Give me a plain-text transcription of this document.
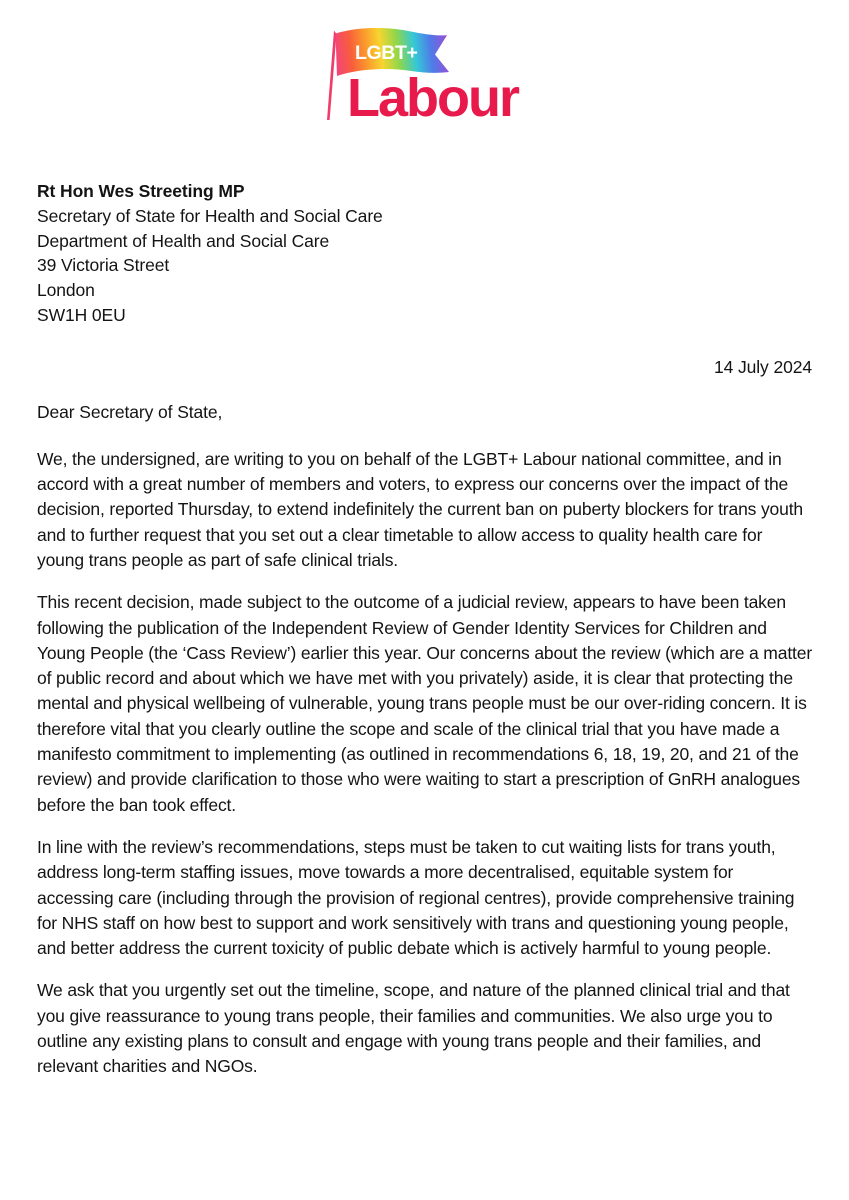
LGBT+
Labour
Rt Hon Wes Streeting MP
Secretary of State for Health and Social Care
Department of Health and Social Care
39 Victoria Street
London
SW1H 0EU
14 July 2024
Dear Secretary of State,

We, the undersigned, are writing to you on behalf of the LGBT+ Labour national committee, and in accord with a great number of members and voters, to express our concerns over the impact of the decision, reported Thursday, to extend indefinitely the current ban on puberty blockers for trans youth and to further request that you set out a clear timetable to allow access to quality health care for young trans people as part of safe clinical trials.

This recent decision, made subject to the outcome of a judicial review, appears to have been taken following the publication of the Independent Review of Gender Identity Services for Children and Young People (the ‘Cass Review’) earlier this year. Our concerns about the review (which are a matter of public record and about which we have met with you privately) aside, it is clear that protecting the mental and physical wellbeing of vulnerable, young trans people must be our over-riding concern. It is therefore vital that you clearly outline the scope and scale of the clinical trial that you have made a manifesto commitment to implementing (as outlined in recommendations 6, 18, 19, 20, and 21 of the review) and provide clarification to those who were waiting to start a prescription of GnRH analogues before the ban took effect.

In line with the review’s recommendations, steps must be taken to cut waiting lists for trans youth, address long-term staffing issues, move towards a more decentralised, equitable system for accessing care (including through the provision of regional centres), provide comprehensive training for NHS staff on how best to support and work sensitively with trans and questioning young people, and better address the current toxicity of public debate which is actively harmful to young people.

We ask that you urgently set out the timeline, scope, and nature of the planned clinical trial and that you give reassurance to young trans people, their families and communities. We also urge you to outline any existing plans to consult and engage with young trans people and their families, and relevant charities and NGOs.
